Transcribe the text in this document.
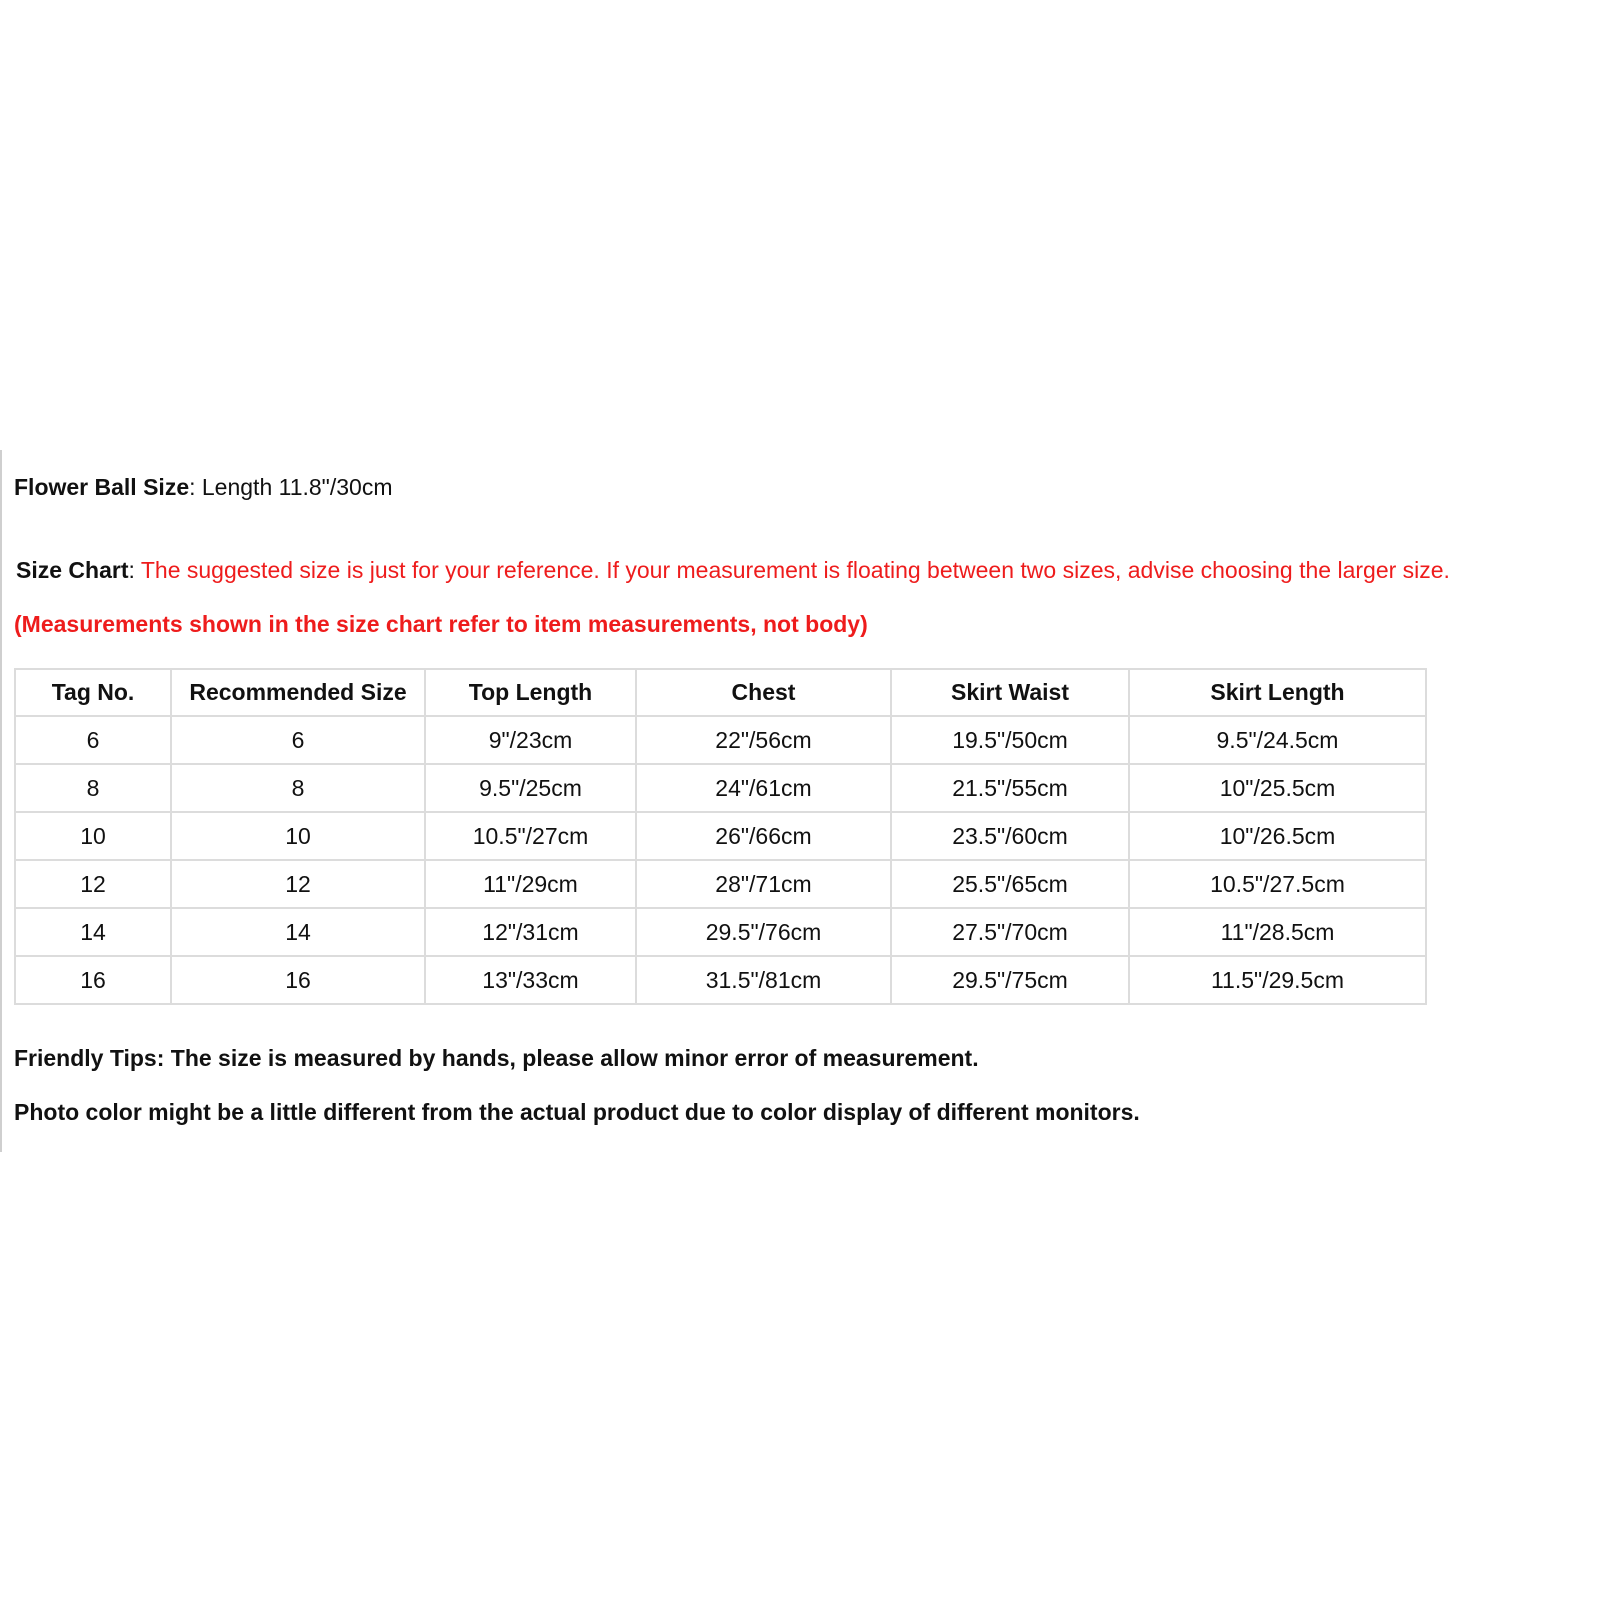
Flower Ball Size: Length 11.8"/30cm
Size Chart: The suggested size is just for your reference. If your measurement is floating between two sizes, advise choosing the larger size.
(Measurements shown in the size chart refer to item measurements, not body)
Tag No.	Recommended Size	Top Length	Chest	Skirt Waist	Skirt Length
6	6	9"/23cm	22"/56cm	19.5"/50cm	9.5"/24.5cm
8	8	9.5"/25cm	24"/61cm	21.5"/55cm	10"/25.5cm
10	10	10.5"/27cm	26"/66cm	23.5"/60cm	10"/26.5cm
12	12	11"/29cm	28"/71cm	25.5"/65cm	10.5"/27.5cm
14	14	12"/31cm	29.5"/76cm	27.5"/70cm	11"/28.5cm
16	16	13"/33cm	31.5"/81cm	29.5"/75cm	11.5"/29.5cm
Friendly Tips: The size is measured by hands, please allow minor error of measurement.
Photo color might be a little different from the actual product due to color display of different monitors.
